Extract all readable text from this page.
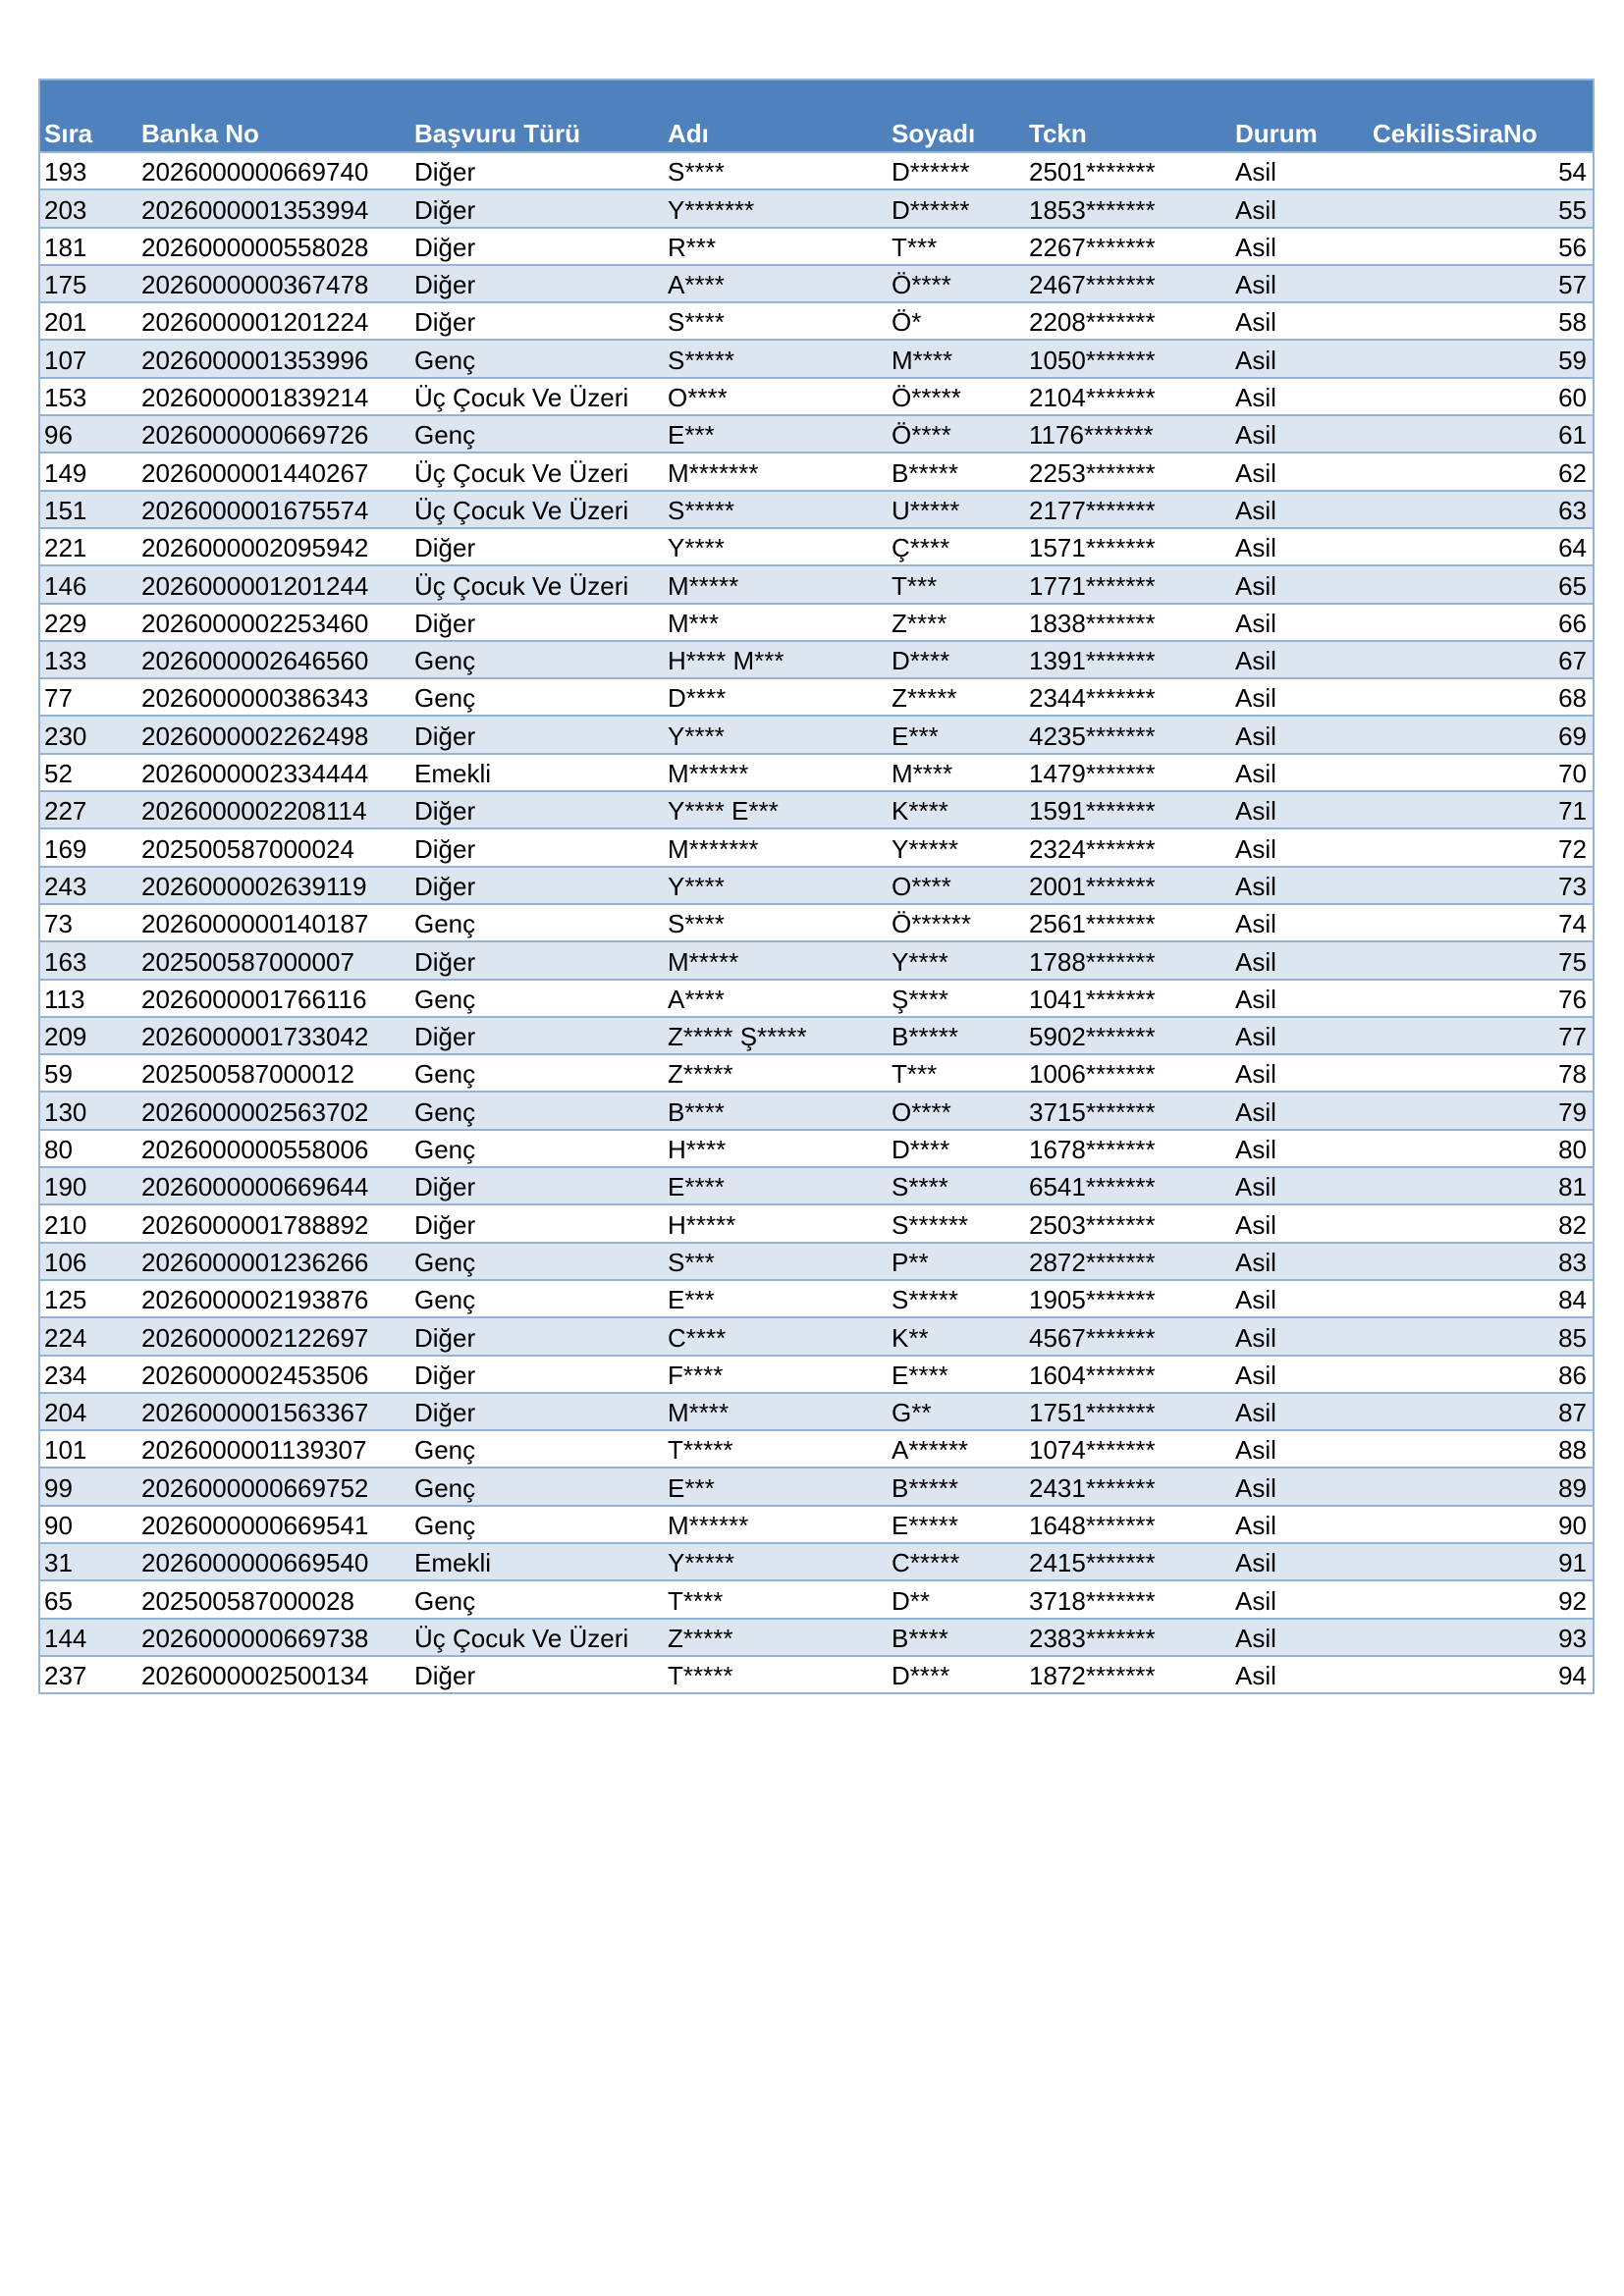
Sıra	Banka No	Başvuru Türü	Adı	Soyadı	Tckn	Durum	CekilisSiraNo
193	2026000000669740	Diğer	S****	D******	2501*******	Asil	54
203	2026000001353994	Diğer	Y*******	D******	1853*******	Asil	55
181	2026000000558028	Diğer	R***	T***	2267*******	Asil	56
175	2026000000367478	Diğer	A****	Ö****	2467*******	Asil	57
201	2026000001201224	Diğer	S****	Ö*	2208*******	Asil	58
107	2026000001353996	Genç	S*****	M****	1050*******	Asil	59
153	2026000001839214	Üç Çocuk Ve Üzeri	O****	Ö*****	2104*******	Asil	60
96	2026000000669726	Genç	E***	Ö****	1176*******	Asil	61
149	2026000001440267	Üç Çocuk Ve Üzeri	M*******	B*****	2253*******	Asil	62
151	2026000001675574	Üç Çocuk Ve Üzeri	S*****	U*****	2177*******	Asil	63
221	2026000002095942	Diğer	Y****	Ç****	1571*******	Asil	64
146	2026000001201244	Üç Çocuk Ve Üzeri	M*****	T***	1771*******	Asil	65
229	2026000002253460	Diğer	M***	Z****	1838*******	Asil	66
133	2026000002646560	Genç	H**** M***	D****	1391*******	Asil	67
77	2026000000386343	Genç	D****	Z*****	2344*******	Asil	68
230	2026000002262498	Diğer	Y****	E***	4235*******	Asil	69
52	2026000002334444	Emekli	M******	M****	1479*******	Asil	70
227	2026000002208114	Diğer	Y**** E***	K****	1591*******	Asil	71
169	202500587000024	Diğer	M*******	Y*****	2324*******	Asil	72
243	2026000002639119	Diğer	Y****	O****	2001*******	Asil	73
73	2026000000140187	Genç	S****	Ö******	2561*******	Asil	74
163	202500587000007	Diğer	M*****	Y****	1788*******	Asil	75
113	2026000001766116	Genç	A****	Ş****	1041*******	Asil	76
209	2026000001733042	Diğer	Z***** Ş*****	B*****	5902*******	Asil	77
59	202500587000012	Genç	Z*****	T***	1006*******	Asil	78
130	2026000002563702	Genç	B****	O****	3715*******	Asil	79
80	2026000000558006	Genç	H****	D****	1678*******	Asil	80
190	2026000000669644	Diğer	E****	S****	6541*******	Asil	81
210	2026000001788892	Diğer	H*****	S******	2503*******	Asil	82
106	2026000001236266	Genç	S***	P**	2872*******	Asil	83
125	2026000002193876	Genç	E***	S*****	1905*******	Asil	84
224	2026000002122697	Diğer	C****	K**	4567*******	Asil	85
234	2026000002453506	Diğer	F****	E****	1604*******	Asil	86
204	2026000001563367	Diğer	M****	G**	1751*******	Asil	87
101	2026000001139307	Genç	T*****	A******	1074*******	Asil	88
99	2026000000669752	Genç	E***	B*****	2431*******	Asil	89
90	2026000000669541	Genç	M******	E*****	1648*******	Asil	90
31	2026000000669540	Emekli	Y*****	C*****	2415*******	Asil	91
65	202500587000028	Genç	T****	D**	3718*******	Asil	92
144	2026000000669738	Üç Çocuk Ve Üzeri	Z*****	B****	2383*******	Asil	93
237	2026000002500134	Diğer	T*****	D****	1872*******	Asil	94
